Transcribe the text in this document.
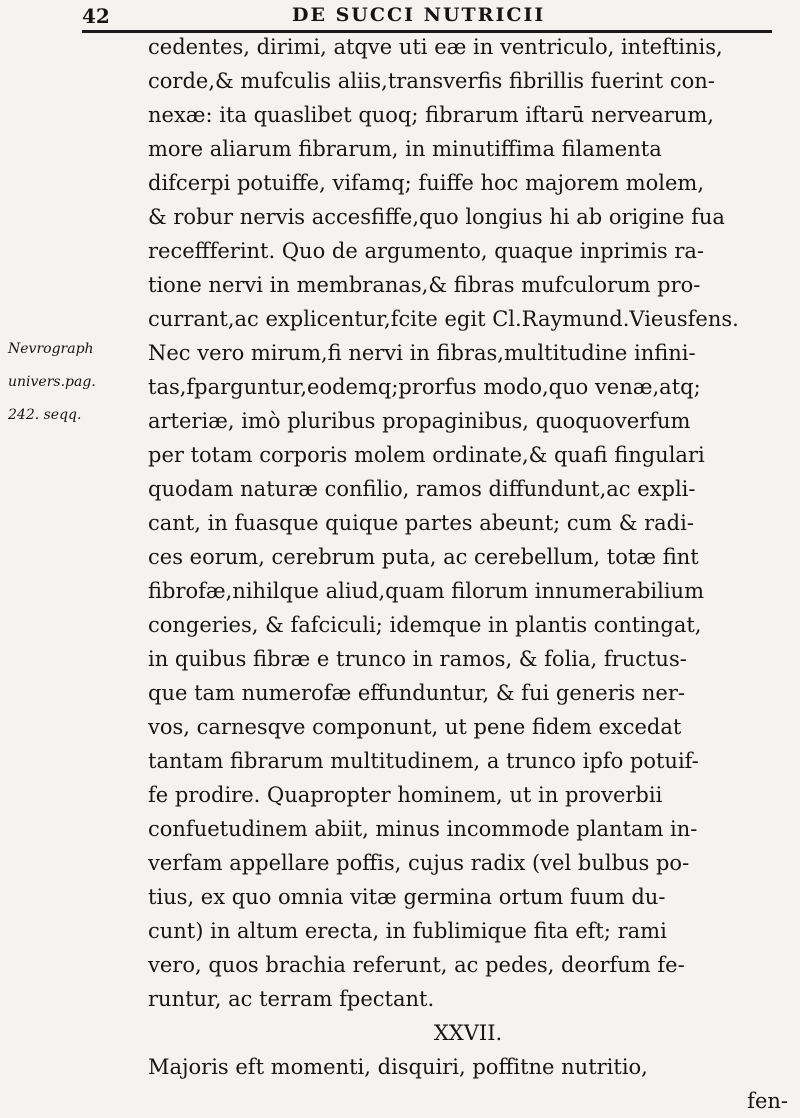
42	DE SUCCI NUTRICII
Nevrograph
univers.pag.
242. seqq.
cedentes, dirimi, atqve uti eæ in ventriculo, inteftinis,
corde,& mufculis aliis,transverfis fibrillis fuerint con-
nexæ: ita quaslibet quoq; fibrarum iftarū nervearum,
more aliarum fibrarum, in minutiffima filamenta
difcerpi potuiffe, vifamq; fuiffe hoc majorem molem,
& robur nervis accesfiffe,quo longius hi ab origine fua
receffferint. Quo de argumento, quaque inprimis ra-
tione nervi in membranas,& fibras mufculorum pro-
currant,ac explicentur,fcite egit Cl.Raymund.Vieusfens.
Nec vero mirum,fi nervi in fibras,multitudine infini-
tas,fparguntur,eodemq;prorfus modo,quo venæ,atq;
arteriæ, imò pluribus propaginibus, quoquoverfum
per totam corporis molem ordinate,& quafi fingulari
quodam naturæ confilio, ramos diffundunt,ac expli-
cant, in fuasque quique partes abeunt; cum & radi-
ces eorum, cerebrum puta, ac cerebellum, totæ fint
fibrofæ,nihilque aliud,quam filorum innumerabilium
congeries, & fafciculi; idemque in plantis contingat,
in quibus fibræ e trunco in ramos, & folia, fructus-
que tam numerofæ effunduntur, & fui generis ner-
vos, carnesqve componunt, ut pene fidem excedat
tantam fibrarum multitudinem, a trunco ipfo potuif-
fe prodire. Quapropter hominem, ut in proverbii
confuetudinem abiit, minus incommode plantam in-
verfam appellare poffis, cujus radix (vel bulbus po-
tius, ex quo omnia vitæ germina ortum fuum du-
cunt) in altum erecta, in fublimique fita eft; rami
vero, quos brachia referunt, ac pedes, deorfum fe-
runtur, ac terram fpectant.
XXVII.
Majoris eft momenti, disquiri, poffitne nutritio,
fen-
